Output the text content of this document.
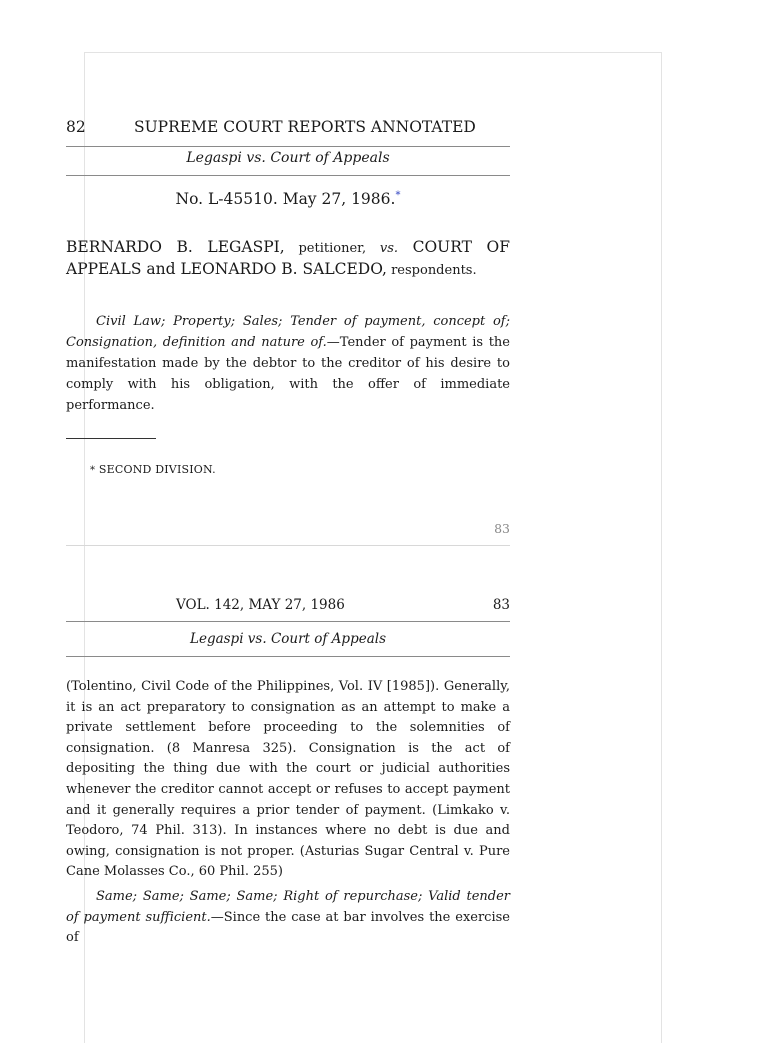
82	SUPREME COURT REPORTS ANNOTATED
Legaspi vs. Court of Appeals
No. L-45510. May 27, 1986.*
BERNARDO B. LEGASPI, petitioner, vs. COURT OF APPEALS and LEONARDO B. SALCEDO, respondents.
Civil Law; Property; Sales; Tender of payment, concept of; Consignation, definition and nature of.—Tender of payment is the manifestation made by the debtor to the creditor of his desire to comply with his obligation, with the offer of immediate performance.
* SECOND DIVISION.
83
VOL. 142, MAY 27, 1986	83
Legaspi vs. Court of Appeals

(Tolentino, Civil Code of the Philippines, Vol. IV [1985]). Generally, it is an act preparatory to consignation as an attempt to make a private settlement before proceeding to the solemnities of consignation. (8 Manresa 325). Consignation is the act of depositing the thing due with the court or judicial authorities whenever the creditor cannot accept or refuses to accept payment and it generally requires a prior tender of payment. (Limkako v. Teodoro, 74 Phil. 313). In instances where no debt is due and owing, consignation is not proper. (Asturias Sugar Central v. Pure Cane Molasses Co., 60 Phil. 255)

Same; Same; Same; Same; Right of repurchase; Valid tender of payment sufficient.—Since the case at bar involves the exercise of
